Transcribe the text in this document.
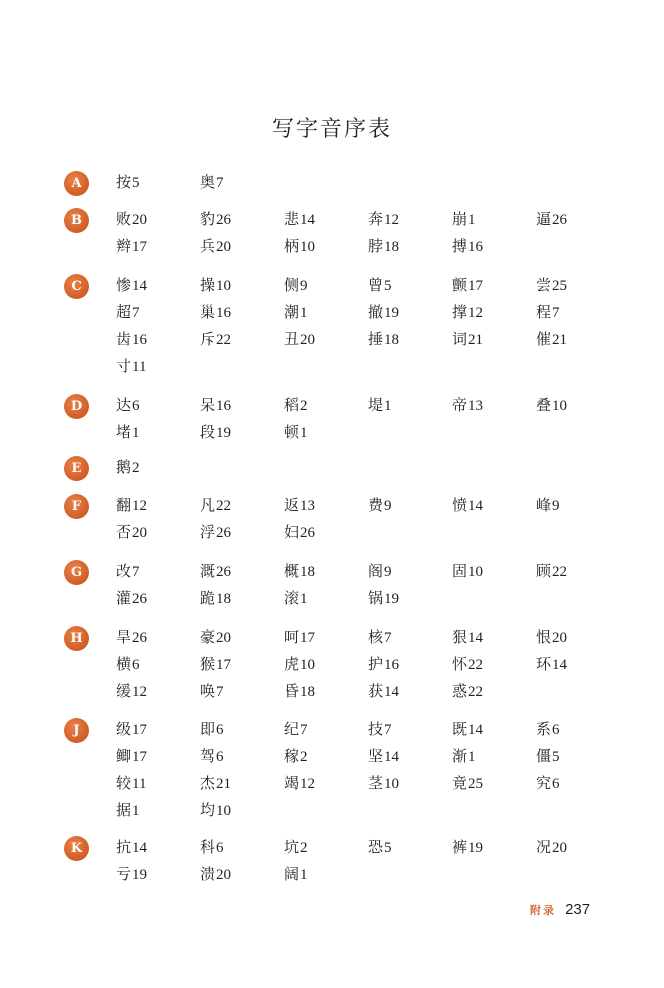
写字音序表
A	按5	奥7
B	败20	豹26	悲14	奔12	崩1	逼26
辫17	兵20	柄10	脖18	搏16
C	惨14	操10	侧9	曾5	颤17	尝25
超7	巢16	潮1	撤19	撑12	程7
齿16	斥22	丑20	捶18	词21	催21
寸11
D	达6	呆16	稻2	堤1	帝13	叠10
堵1	段19	顿1
E	鹅2
F	翻12	凡22	返13	费9	愤14	峰9
否20	浮26	妇26
G	改7	溉26	概18	阁9	固10	顾22
灌26	跪18	滚1	锅19
H	旱26	豪20	呵17	核7	狠14	恨20
横6	猴17	虎10	护16	怀22	环14
缓12	唤7	昏18	获14	惑22
J	级17	即6	纪7	技7	既14	系6
鲫17	驾6	稼2	坚14	渐1	僵5
较11	杰21	竭12	茎10	竟25	究6
据1	均10
K	抗14	科6	坑2	恐5	裤19	况20
亏19	溃20	阔1
附录 237
